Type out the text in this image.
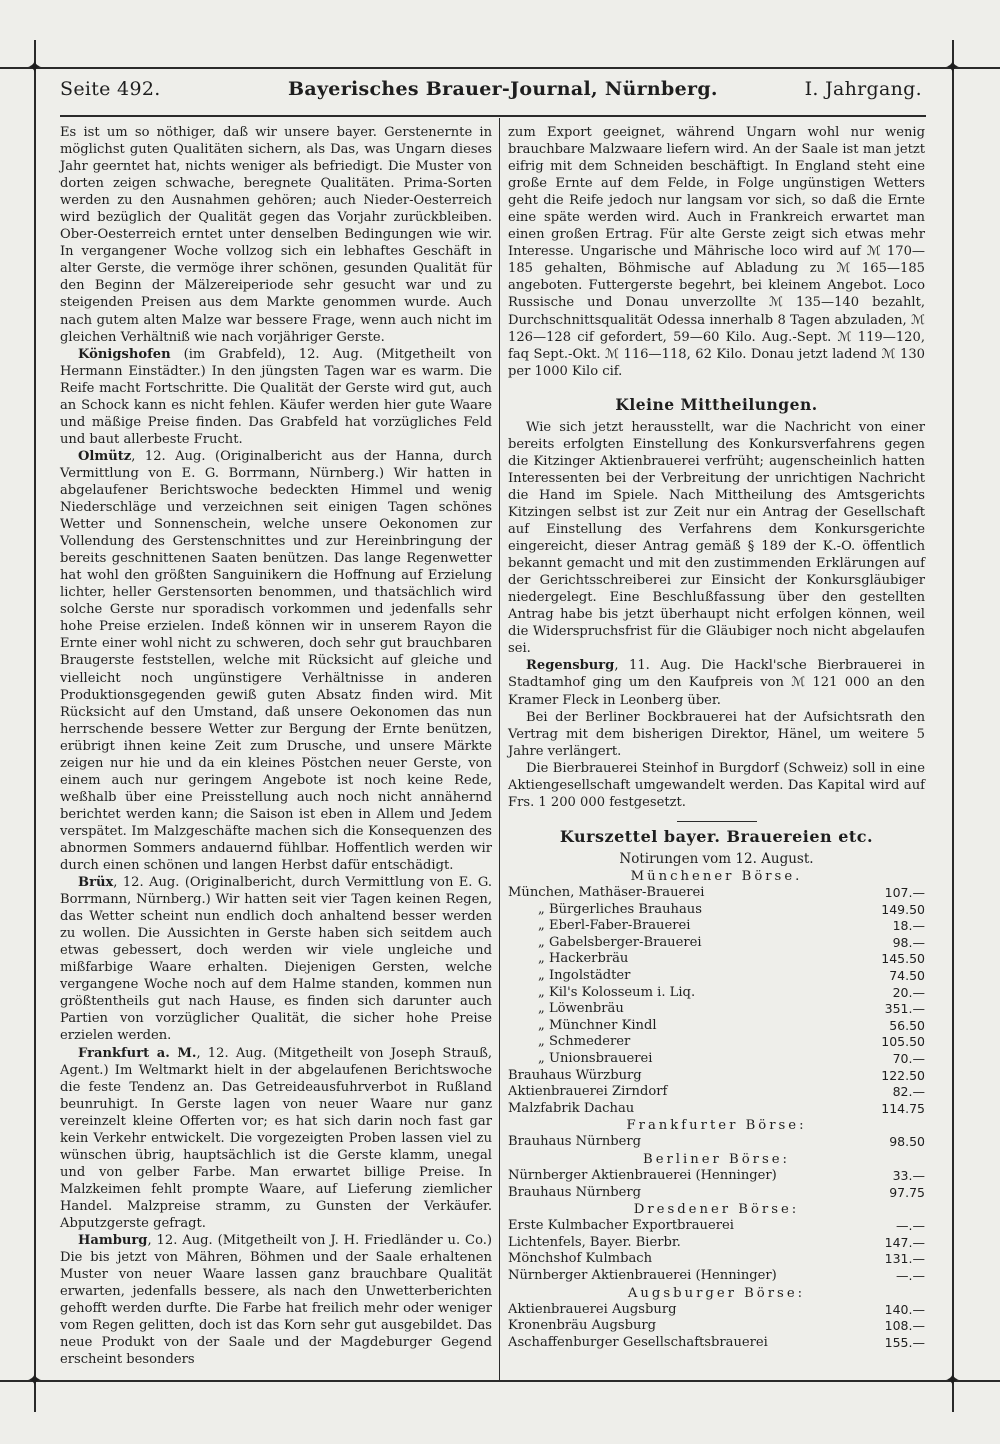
✦	✦
✦	✦
Seite 492.	Bayerisches Brauer-Journal, Nürnberg.	I. Jahrgang.

Es ist um so nöthiger, daß wir unsere bayer. Gerstenernte in möglichst guten Qualitäten sichern, als Das, was Ungarn dieses Jahr geerntet hat, nichts weniger als befriedigt. Die Muster von dorten zeigen schwache, beregnete Qualitäten. Prima-Sorten werden zu den Ausnahmen gehören; auch Nieder-Oesterreich wird bezüglich der Qualität gegen das Vorjahr zurückbleiben. Ober-Oesterreich erntet unter denselben Bedingungen wie wir. In vergangener Woche vollzog sich ein lebhaftes Geschäft in alter Gerste, die vermöge ihrer schönen, gesunden Qualität für den Beginn der Mälzereiperiode sehr gesucht war und zu steigenden Preisen aus dem Markte genommen wurde. Auch nach gutem alten Malze war bessere Frage, wenn auch nicht im gleichen Verhältniß wie nach vorjähriger Gerste.

Königshofen (im Grabfeld), 12. Aug. (Mitgetheilt von Hermann Einstädter.) In den jüngsten Tagen war es warm. Die Reife macht Fortschritte. Die Qualität der Gerste wird gut, auch an Schock kann es nicht fehlen. Käufer werden hier gute Waare und mäßige Preise finden. Das Grabfeld hat vorzügliches Feld und baut allerbeste Frucht.

Olmütz, 12. Aug. (Originalbericht aus der Hanna, durch Vermittlung von E. G. Borrmann, Nürnberg.) Wir hatten in abgelaufener Berichtswoche bedeckten Himmel und wenig Niederschläge und verzeichnen seit einigen Tagen schönes Wetter und Sonnenschein, welche unsere Oekonomen zur Vollendung des Gerstenschnittes und zur Hereinbringung der bereits geschnittenen Saaten benützen. Das lange Regenwetter hat wohl den größten Sanguinikern die Hoffnung auf Erzielung lichter, heller Gerstensorten benommen, und thatsächlich wird solche Gerste nur sporadisch vorkommen und jedenfalls sehr hohe Preise erzielen. Indeß können wir in unserem Rayon die Ernte einer wohl nicht zu schweren, doch sehr gut brauchbaren Braugerste feststellen, welche mit Rücksicht auf gleiche und vielleicht noch ungünstigere Verhältnisse in anderen Produktionsgegenden gewiß guten Absatz finden wird. Mit Rücksicht auf den Umstand, daß unsere Oekonomen das nun herrschende bessere Wetter zur Bergung der Ernte benützen, erübrigt ihnen keine Zeit zum Drusche, und unsere Märkte zeigen nur hie und da ein kleines Pöstchen neuer Gerste, von einem auch nur geringem Angebote ist noch keine Rede, weßhalb über eine Preisstellung auch noch nicht annähernd berichtet werden kann; die Saison ist eben in Allem und Jedem verspätet. Im Malzgeschäfte machen sich die Konsequenzen des abnormen Sommers andauernd fühlbar. Hoffentlich werden wir durch einen schönen und langen Herbst dafür entschädigt.

Brüx, 12. Aug. (Originalbericht, durch Vermittlung von E. G. Borrmann, Nürnberg.) Wir hatten seit vier Tagen keinen Regen, das Wetter scheint nun endlich doch anhaltend besser werden zu wollen. Die Aussichten in Gerste haben sich seitdem auch etwas gebessert, doch werden wir viele ungleiche und mißfarbige Waare erhalten. Diejenigen Gersten, welche vergangene Woche noch auf dem Halme standen, kommen nun größtentheils gut nach Hause, es finden sich darunter auch Partien von vorzüglicher Qualität, die sicher hohe Preise erzielen werden.

Frankfurt a. M., 12. Aug. (Mitgetheilt von Joseph Strauß, Agent.) Im Weltmarkt hielt in der abgelaufenen Berichtswoche die feste Tendenz an. Das Getreideausfuhrverbot in Rußland beunruhigt. In Gerste lagen von neuer Waare nur ganz vereinzelt kleine Offerten vor; es hat sich darin noch fast gar kein Verkehr entwickelt. Die vorgezeigten Proben lassen viel zu wünschen übrig, hauptsächlich ist die Gerste klamm, unegal und von gelber Farbe. Man erwartet billige Preise. In Malzkeimen fehlt prompte Waare, auf Lieferung ziemlicher Handel. Malzpreise stramm, zu Gunsten der Verkäufer. Abputzgerste gefragt.

Hamburg, 12. Aug. (Mitgetheilt von J. H. Friedländer u. Co.) Die bis jetzt von Mähren, Böhmen und der Saale erhaltenen Muster von neuer Waare lassen ganz brauchbare Qualität erwarten, jedenfalls bessere, als nach den Unwetterberichten gehofft werden durfte. Die Farbe hat freilich mehr oder weniger vom Regen gelitten, doch ist das Korn sehr gut ausgebildet. Das neue Produkt von der Saale und der Magdeburger Gegend erscheint besonders

zum Export geeignet, während Ungarn wohl nur wenig brauchbare Malzwaare liefern wird. An der Saale ist man jetzt eifrig mit dem Schneiden beschäftigt. In England steht eine große Ernte auf dem Felde, in Folge ungünstigen Wetters geht die Reife jedoch nur langsam vor sich, so daß die Ernte eine späte werden wird. Auch in Frankreich erwartet man einen großen Ertrag. Für alte Gerste zeigt sich etwas mehr Interesse. Ungarische und Mährische loco wird auf ℳ 170—185 gehalten, Böhmische auf Abladung zu ℳ 165—185 angeboten. Futtergerste begehrt, bei kleinem Angebot. Loco Russische und Donau unverzollte ℳ 135—140 bezahlt, Durchschnittsqualität Odessa innerhalb 8 Tagen abzuladen, ℳ 126—128 cif gefordert, 59—60 Kilo. Aug.-Sept. ℳ 119—120, faq Sept.-Okt. ℳ 116—118, 62 Kilo. Donau jetzt ladend ℳ 130 per 1000 Kilo cif.

Kleine Mittheilungen.

Wie sich jetzt herausstellt, war die Nachricht von einer bereits erfolgten Einstellung des Konkursverfahrens gegen die Kitzinger Aktienbrauerei verfrüht; augenscheinlich hatten Interessenten bei der Verbreitung der unrichtigen Nachricht die Hand im Spiele. Nach Mittheilung des Amtsgerichts Kitzingen selbst ist zur Zeit nur ein Antrag der Gesellschaft auf Einstellung des Verfahrens dem Konkursgerichte eingereicht, dieser Antrag gemäß § 189 der K.-O. öffentlich bekannt gemacht und mit den zustimmenden Erklärungen auf der Gerichtsschreiberei zur Einsicht der Konkursgläubiger niedergelegt. Eine Beschlußfassung über den gestellten Antrag habe bis jetzt überhaupt nicht erfolgen können, weil die Widerspruchsfrist für die Gläubiger noch nicht abgelaufen sei.

Regensburg, 11. Aug. Die Hackl'sche Bierbrauerei in Stadtamhof ging um den Kaufpreis von ℳ 121 000 an den Kramer Fleck in Leonberg über.

Bei der Berliner Bockbrauerei hat der Aufsichtsrath den Vertrag mit dem bisherigen Direktor, Hänel, um weitere 5 Jahre verlängert.

Die Bierbrauerei Steinhof in Burgdorf (Schweiz) soll in eine Aktiengesellschaft umgewandelt werden. Das Kapital wird auf Frs. 1 200 000 festgesetzt.

Kurszettel bayer. Brauereien etc.
Notirungen vom 12. August.
Münchener Börse.
München, Mathäser-Brauerei	107.—
„ Bürgerliches Brauhaus	149.50
„ Eberl-Faber-Brauerei	18.—
„ Gabelsberger-Brauerei	98.—
„ Hackerbräu	145.50
„ Ingolstädter	74.50
„ Kil's Kolosseum i. Liq.	20.—
„ Löwenbräu	351.—
„ Münchner Kindl	56.50
„ Schmederer	105.50
„ Unionsbrauerei	70.—
Brauhaus Würzburg	122.50
Aktienbrauerei Zirndorf	82.—
Malzfabrik Dachau	114.75
Frankfurter Börse:
Brauhaus Nürnberg	98.50
Berliner Börse:
Nürnberger Aktienbrauerei (Henninger)	33.—
Brauhaus Nürnberg	97.75
Dresdener Börse:
Erste Kulmbacher Exportbrauerei	—.—
Lichtenfels, Bayer. Bierbr.	147.—
Mönchshof Kulmbach	131.—
Nürnberger Aktienbrauerei (Henninger)	—.—
Augsburger Börse:
Aktienbrauerei Augsburg	140.—
Kronenbräu Augsburg	108.—
Aschaffenburger Gesellschaftsbrauerei	155.—
